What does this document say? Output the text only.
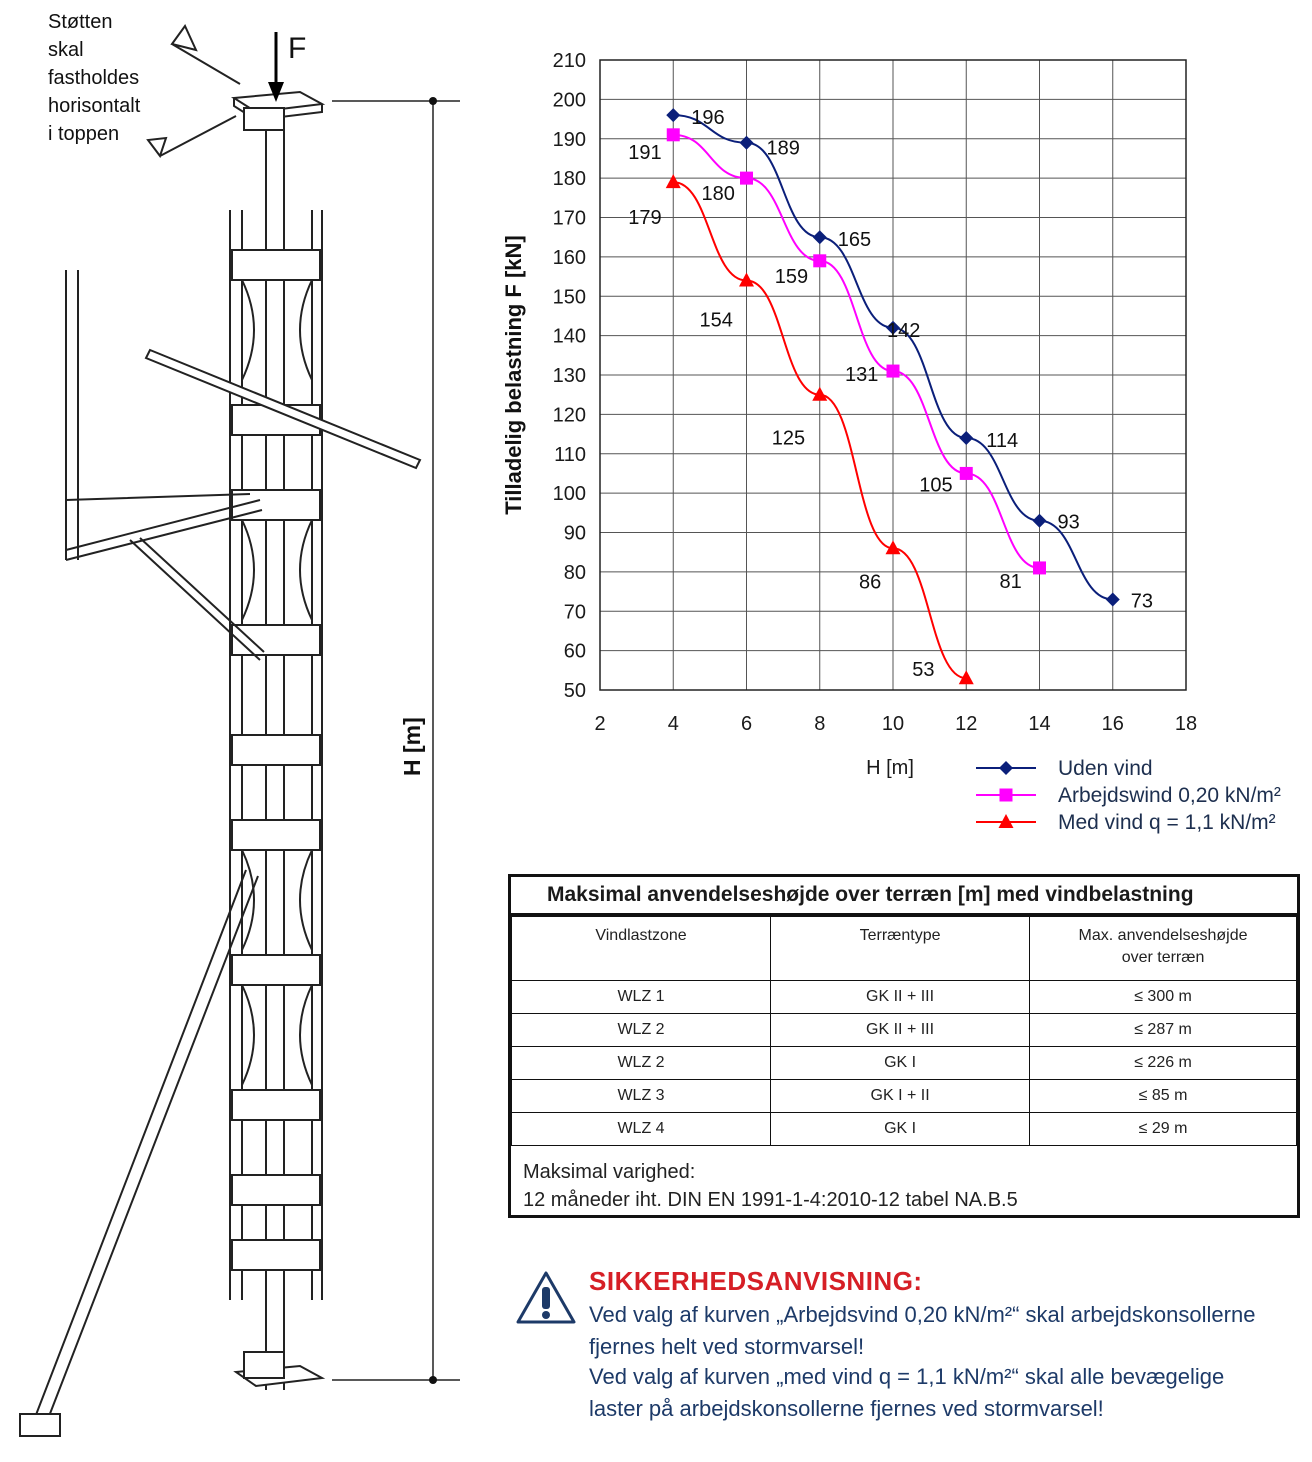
Støtten
skal
fastholdes
horisontalt
i toppen
F
H [m]	2	4	6	8	10	12	14	16	18
50
60
70
80
90
100
110
120
130
140
150
160
170
180
190
200
210
196
189
165
142
114
93
73
191
180
159
131
105
81
179
154
125
86
53
Tilladelig belastning F [kN]
H [m]	Uden vind
Arbejdswind 0,20 kN/m²
Med vind q = 1,1 kN/m²
Maksimal anvendelseshøjde over terræn [m] med vindbelastning
Vindlastzone	Terræntype	Max. anvendelseshøjde
over terræn

WLZ 1	GK II + III	≤ 300 m
WLZ 2	GK II + III	≤ 287 m
WLZ 2	GK I	≤ 226 m
WLZ 3	GK I + II	≤ 85 m
WLZ 4	GK I	≤ 29 m
Maksimal varighed:
12 måneder iht. DIN EN 1991-1-4:2010-12 tabel NA.B.5
SIKKERHEDSANVISNING:
Ved valg af kurven „Arbejdsvind 0,20 kN/m²“ skal arbejdskonsollerne
fjernes helt ved stormvarsel!
Ved valg af kurven „med vind q = 1,1 kN/m²“ skal alle bevægelige
laster på arbejdskonsollerne fjernes ved stormvarsel!
